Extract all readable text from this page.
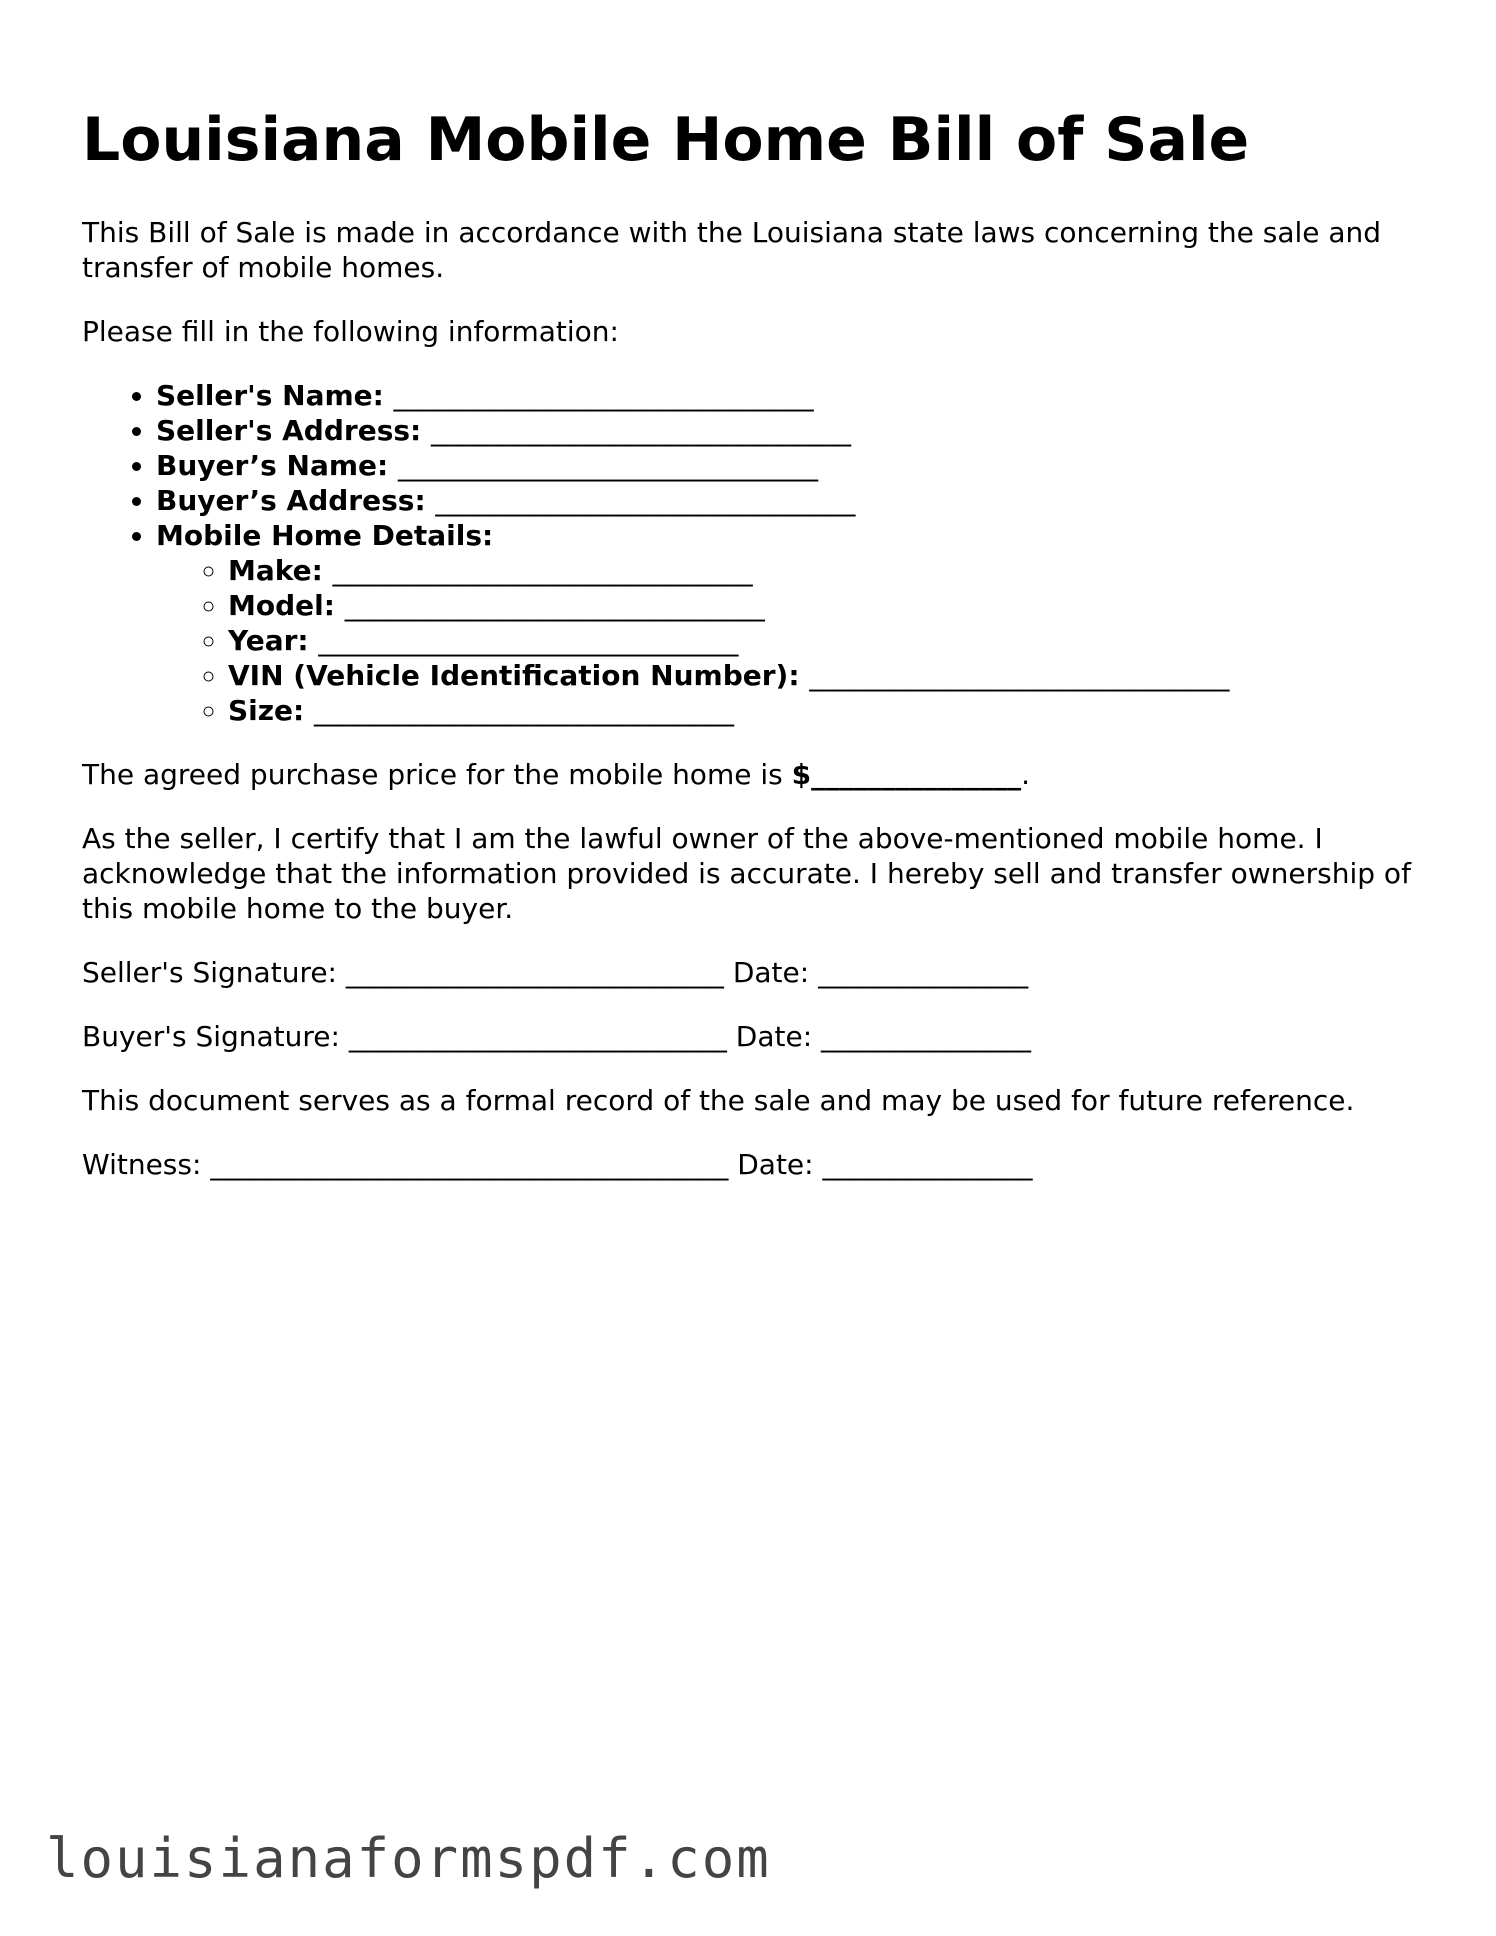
Louisiana Mobile Home Bill of Sale

This Bill of Sale is made in accordance with the Louisiana state laws concerning the sale and transfer of mobile homes.

Please fill in the following information:

• Seller's Name: ______________________________
• Seller's Address: ______________________________
• Buyer’s Name: ______________________________
• Buyer’s Address: ______________________________
• Mobile Home Details:
◦ Make: ______________________________
◦ Model: ______________________________
◦ Year: ______________________________
◦ VIN (Vehicle Identification Number): ______________________________
◦ Size: ______________________________

The agreed purchase price for the mobile home is $_______________.

As the seller, I certify that I am the lawful owner of the above-mentioned mobile home. I acknowledge that the information provided is accurate. I hereby sell and transfer ownership of this mobile home to the buyer.

Seller's Signature: ___________________________ Date: _______________

Buyer's Signature: ___________________________ Date: _______________

This document serves as a formal record of the sale and may be used for future reference.

Witness: _____________________________________ Date: _______________

louisianaformspdf.com
